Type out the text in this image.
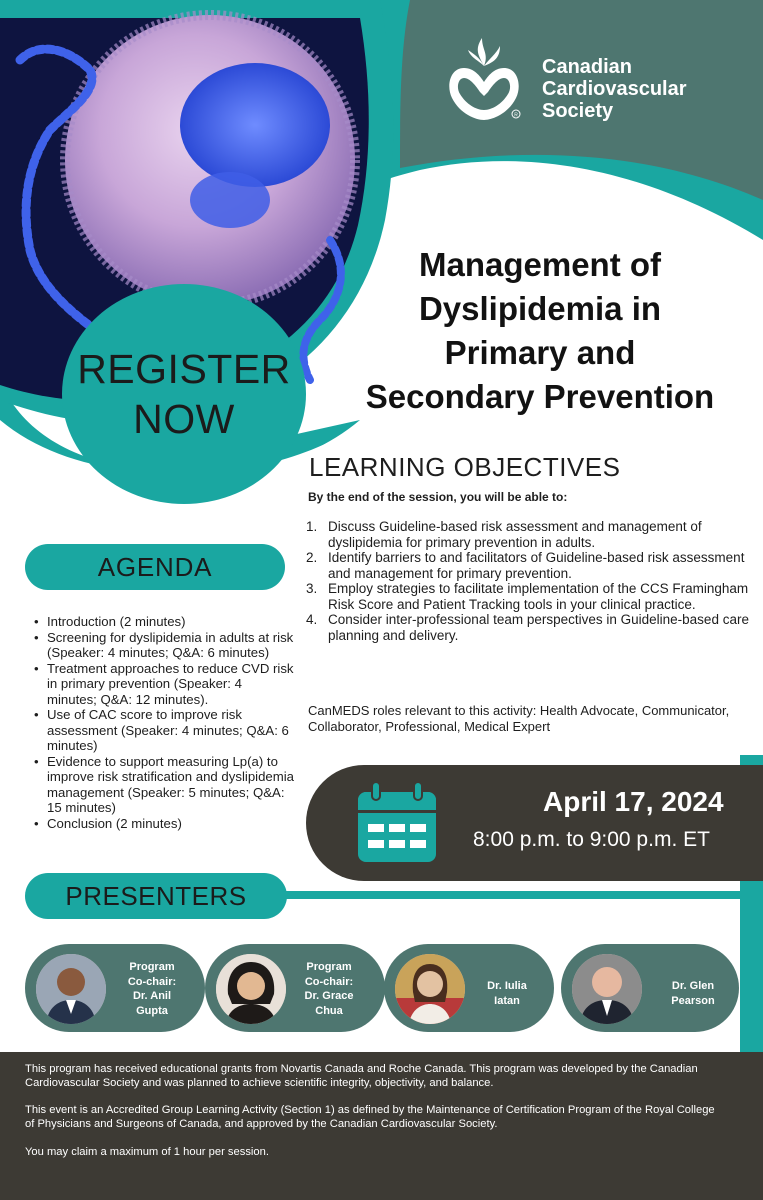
R
Canadian
Cardiovascular
Society
Management of
Dyslipidemia in
Primary and
Secondary Prevention
REGISTER
NOW
LEARNING OBJECTIVES
By the end of the session, you will be able to:
1. Discuss Guideline-based risk assessment and management of dyslipidemia for primary prevention in adults.
2. Identify barriers to and facilitators of Guideline-based risk assessment and management for primary prevention.
3. Employ strategies to facilitate implementation of the CCS Framingham Risk Score and Patient Tracking tools in your clinical practice.
4. Consider inter-professional team perspectives in Guideline-based care planning and delivery.
CanMEDS roles relevant to this activity: Health Advocate, Communicator, Collaborator, Professional, Medical Expert
AGENDA
• Introduction (2 minutes)
• Screening for dyslipidemia in adults at risk (Speaker: 4 minutes; Q&A: 6 minutes)
• Treatment approaches to reduce CVD risk in primary prevention (Speaker: 4 minutes; Q&A: 12 minutes).
• Use of CAC score to improve risk assessment (Speaker: 4 minutes; Q&A: 6 minutes)
• Evidence to support measuring Lp(a) to improve risk stratification and dyslipidemia management (Speaker: 5 minutes; Q&A: 15 minutes)
• Conclusion (2 minutes)
April 17, 2024
8:00 p.m. to 9:00 p.m. ET
PRESENTERS
Program
Co-chair:
Dr. Anil
Gupta
Program
Co-chair:
Dr. Grace
Chua
Dr. Iulia
Iatan
Dr. Glen
Pearson

This program has received educational grants from Novartis Canada and Roche Canada. This program was developed by the Canadian Cardiovascular Society and was planned to achieve scientific integrity, objectivity, and balance.

This event is an Accredited Group Learning Activity (Section 1) as defined by the Maintenance of Certification Program of the Royal College of Physicians and Surgeons of Canada, and approved by the Canadian Cardiovascular Society.

You may claim a maximum of 1 hour per session.
